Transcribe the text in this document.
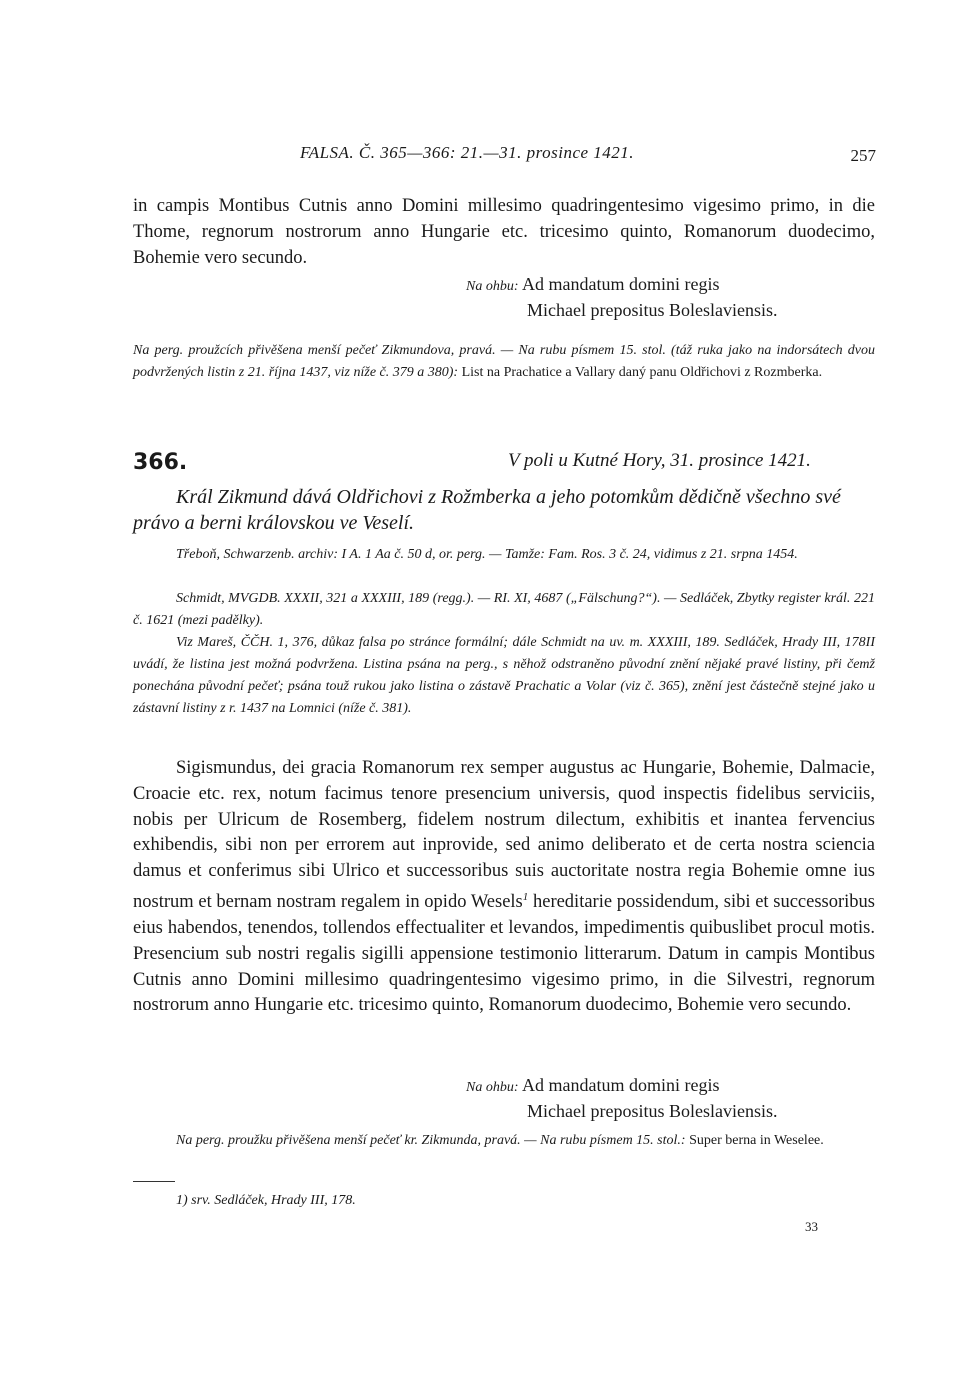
FALSA. Č. 365—366: 21.—31. prosince 1421.	257
in campis Montibus Cutnis anno Domini millesimo quadringentesimo vigesimo primo, in die Thome, regnorum nostrorum anno Hungarie etc. tricesimo quinto, Romanorum duodecimo, Bohemie vero secundo.
Na ohbu: Ad mandatum domini regis
Michael prepositus Boleslaviensis.
Na perg. proužcích přivěšena menší pečeť Zikmundova, pravá. — Na rubu písmem 15. stol. (táž ruka jako na indorsátech dvou podvržených listin z 21. října 1437, viz níže č. 379 a 380): List na Prachatice a Vallary daný panu Oldřichovi z Rozmberka.
366.	V poli u Kutné Hory, 31. prosince 1421.
Král Zikmund dává Oldřichovi z Rožmberka a jeho potomkům dědičně všechno své právo a berni královskou ve Veselí.
Třeboň, Schwarzenb. archiv: I A. 1 Aa č. 50 d, or. perg. — Tamže: Fam. Ros. 3 č. 24, vidimus z 21. srpna 1454.
Schmidt, MVGDB. XXXII, 321 a XXXIII, 189 (regg.). — RI. XI, 4687 („Fälschung?“). — Sedláček, Zbytky register král. 221 č. 1621 (mezi padělky).
Viz Mareš, ČČH. 1, 376, důkaz falsa po stránce formální; dále Schmidt na uv. m. XXXIII, 189. Sedláček, Hrady III, 178II uvádí, že listina jest možná podvržena. Listina psána na perg., s něhož odstraněno původní znění nějaké pravé listiny, při čemž ponechána původní pečeť; psána touž rukou jako listina o zástavě Prachatic a Volar (viz č. 365), znění jest částečně stejné jako u zástavní listiny z r. 1437 na Lomnici (níže č. 381).
Sigismundus, dei gracia Romanorum rex semper augustus ac Hungarie, Bohemie, Dalmacie, Croacie etc. rex, notum facimus tenore presencium universis, quod inspectis fidelibus serviciis, nobis per Ulricum de Rosemberg, fidelem nostrum dilectum, exhibitis et inantea fervencius exhibendis, sibi non per errorem aut inprovide, sed animo deliberato et de certa nostra sciencia damus et conferimus sibi Ulrico et successoribus suis auctoritate nostra regia Bohemie omne ius nostrum et bernam nostram regalem in opido Wesels$^1$ hereditarie possidendum, sibi et successoribus eius habendos, tenendos, tollendos effectualiter et levandos, impedimentis quibuslibet procul motis. Presencium sub nostri regalis sigilli appensione testimonio litterarum. Datum in campis Montibus Cutnis anno Domini millesimo quadringentesimo vigesimo primo, in die Silvestri, regnorum nostrorum anno Hungarie etc. tricesimo quinto, Romanorum duodecimo, Bohemie vero secundo.
Na ohbu: Ad mandatum domini regis
Michael prepositus Boleslaviensis.
Na perg. proužku přivěšena menší pečeť kr. Zikmunda, pravá. — Na rubu písmem 15. stol.: Super berna in Weselee.
1) srv. Sedláček, Hrady III, 178.
33
